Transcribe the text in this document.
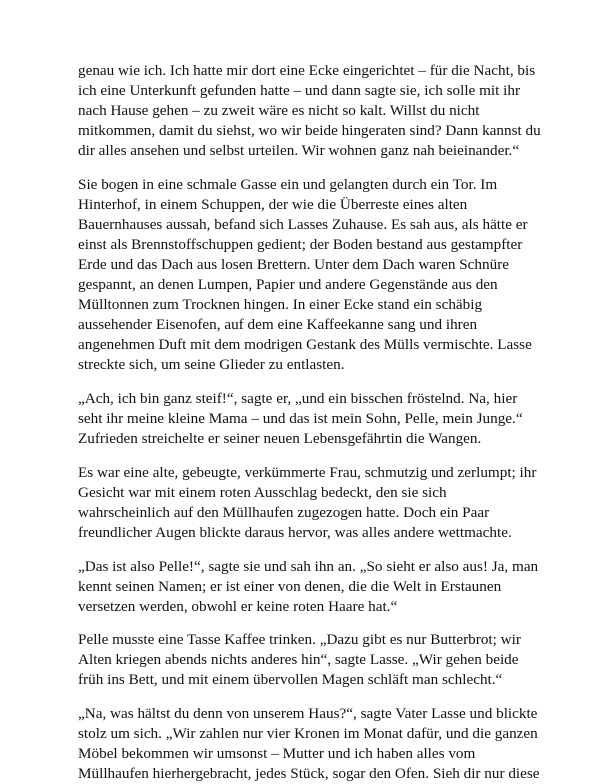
genau wie ich. Ich hatte mir dort eine Ecke eingerichtet – für die Nacht, bis
ich eine Unterkunft gefunden hatte – und dann sagte sie, ich solle mit ihr
nach Hause gehen – zu zweit wäre es nicht so kalt. Willst du nicht
mitkommen, damit du siehst, wo wir beide hingeraten sind? Dann kannst du
dir alles ansehen und selbst urteilen. Wir wohnen ganz nah beieinander.“

Sie bogen in eine schmale Gasse ein und gelangten durch ein Tor. Im
Hinterhof, in einem Schuppen, der wie die Überreste eines alten
Bauernhauses aussah, befand sich Lasses Zuhause. Es sah aus, als hätte er
einst als Brennstoffschuppen gedient; der Boden bestand aus gestampfter
Erde und das Dach aus losen Brettern. Unter dem Dach waren Schnüre
gespannt, an denen Lumpen, Papier und andere Gegenstände aus den
Mülltonnen zum Trocknen hingen. In einer Ecke stand ein schäbig
aussehender Eisenofen, auf dem eine Kaffeekanne sang und ihren
angenehmen Duft mit dem modrigen Gestank des Mülls vermischte. Lasse
streckte sich, um seine Glieder zu entlasten.

„Ach, ich bin ganz steif!“, sagte er, „und ein bisschen fröstelnd. Na, hier
seht ihr meine kleine Mama – und das ist mein Sohn, Pelle, mein Junge.“
Zufrieden streichelte er seiner neuen Lebensgefährtin die Wangen.

Es war eine alte, gebeugte, verkümmerte Frau, schmutzig und zerlumpt; ihr
Gesicht war mit einem roten Ausschlag bedeckt, den sie sich
wahrscheinlich auf den Müllhaufen zugezogen hatte. Doch ein Paar
freundlicher Augen blickte daraus hervor, was alles andere wettmachte.

„Das ist also Pelle!“, sagte sie und sah ihn an. „So sieht er also aus! Ja, man
kennt seinen Namen; er ist einer von denen, die die Welt in Erstaunen
versetzen werden, obwohl er keine roten Haare hat.“

Pelle musste eine Tasse Kaffee trinken. „Dazu gibt es nur Butterbrot; wir
Alten kriegen abends nichts anderes hin“, sagte Lasse. „Wir gehen beide
früh ins Bett, und mit einem übervollen Magen schläft man schlecht.“

„Na, was hältst du denn von unserem Haus?“, sagte Vater Lasse und blickte
stolz um sich. „Wir zahlen nur vier Kronen im Monat dafür, und die ganzen
Möbel bekommen wir umsonst – Mutter und ich haben alles vom
Müllhaufen hierhergebracht, jedes Stück, sogar den Ofen. Sieh dir nur diese
